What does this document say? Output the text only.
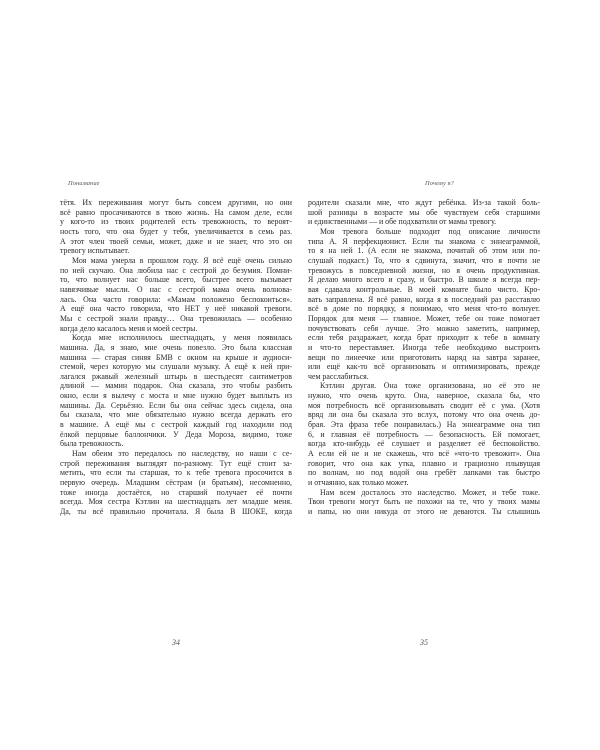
Понимание
тётя. Их переживания могут быть совсем другими, но они
всё равно просачиваются в твою жизнь. На самом деле, если
у кого-то из твоих родителей есть тревожность, то вероят-
ность того, что она будет у тебя, увеличивается в семь раз.
А этот член твоей семьи, может, даже и не знает, что это он
тревогу испытывает.
Моя мама умерла в прошлом году. Я всё ещё очень сильно
по ней скучаю. Она любила нас с сестрой до безумия. Помни-
то, что волнует нас больше всего, быстрее всего вызывает
навязчивые мысли. О нас с сестрой мама очень волнова-
лась. Она часто говорила: «Мамам положено беспокоиться».
А ещё она часто говорила, что НЕТ у неё никакой тревоги.
Мы с сестрой знали правду… Она тревожилась — особенно
когда дело касалось меня и моей сестры.
Когда мне исполнилось шестнадцать, у меня появилась
машина. Да, я знаю, мне очень повезло. Это была классная
машина — старая синяя БМВ с окном на крыше и аудиоси-
стемой, через которую мы слушали музыку. А ещё к ней при-
лагался ржавый железный штырь в шестьдесят сантиметров
длиной — мамин подарок. Она сказала, это чтобы разбить
окно, если я вылечу с моста и мне нужно будет выплыть из
машины. Да. Серьёзно. Если бы она сейчас здесь сидела, она
бы сказала, что мне обязательно нужно всегда держать его
в машине. А ещё мы с сестрой каждый год находили под
ёлкой перцовые баллончики. У Деда Мороза, видимо, тоже
была тревожность.
Нам обеим это передалось по наследству, но наши с се-
строй переживания выглядят по-разному. Тут ещё стоит за-
метить, что если ты старшая, то к тебе тревога просочится в
первую очередь. Младшим сёстрам (и братьям), несомненно,
тоже иногда достаётся, но старший получает её почти
всегда. Моя сестра Кэтлин на шестнадцать лет младше меня.
Да, ты всё правильно прочитала. Я была В ШОКЕ, когда
34
Почему я?
родители сказали мне, что ждут ребёнка. Из-за такой боль-
шой разницы в возрасте мы обе чувствуем себя старшими
и единственными — и обе подхватили от мамы тревогу.
Моя тревога больше подходит под описание личности
типа А. Я перфекционист. Если ты знакома с эннеаграммой,
то я на ней 1. (А если не знакома, почитай об этом или по-
слушай подкаст.) То, что я сдвинута, значит, что я почти не
тревожусь в повседневной жизни, но я очень продуктивная.
Я делаю много всего и сразу, и быстро. В школе я всегда пер-
вая сдавала контрольные. В моей комнате было чисто. Кро-
вать заправлена. Я всё равно, когда я в последний раз расставлю
всё в доме по порядку, я понимаю, что меня что-то волнует.
Порядок для меня — главное. Может, тебе он тоже помогает
почувствовать себя лучше. Это можно заметить, например,
если тебя раздражает, когда брат приходит к тебе в комнату
и что-то переставляет. Иногда тебе необходимо выстроить
вещи по линеечке или приготовить наряд на завтра заранее,
или ещё как-то всё организовать и оптимизировать, прежде
чем расслабиться.
Кэтлин другая. Она тоже организована, но её это не
нужно, что очень круто. Она, наверное, сказала бы, что
моя потребность всё организовывать сводит её с ума. (Хотя
вряд ли она бы сказала это вслух, потому что она очень до-
брая. Эта фраза тебе понравилась.) На эннеаграмме она тип
6, и главная её потребность — безопасность. Ей помогает,
когда кто-нибудь её слушает и разделяет её беспокойство.
А если ей не и не скажешь, что всё «что-то тревожит». Она
говорит, что она как утка, плавно и грациозно плывущая
по волнам, но под водой она гребёт лапками так быстро
и отчаянно, как только может.
Нам всем досталось это наследство. Может, и тебе тоже.
Твои тревоги могут быть не похожи на те, что у твоих мамы
и папы, но они никуда от этого не деваются. Ты слышишь
35
